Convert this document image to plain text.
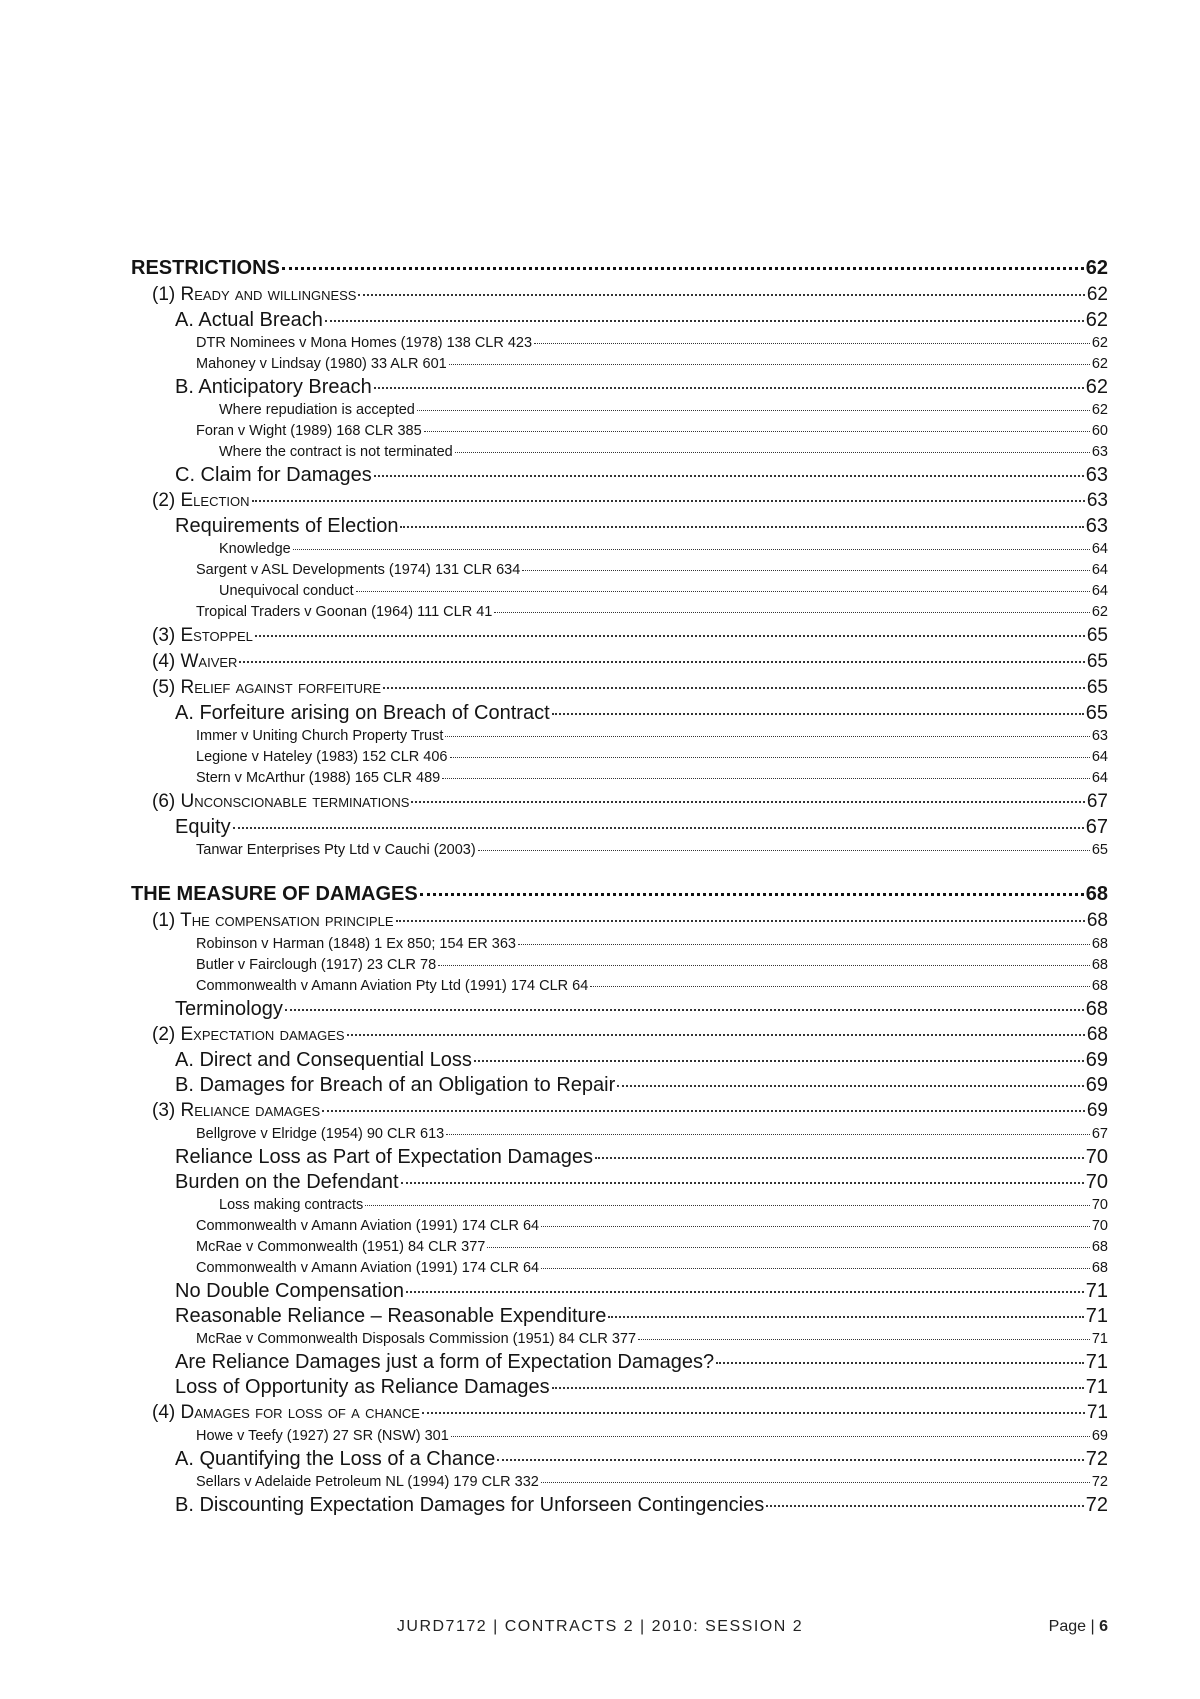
RESTRICTIONS	62
(1) Ready and willingness	62
A. Actual Breach	62
DTR Nominees v Mona Homes (1978) 138 CLR 423	62
Mahoney v Lindsay (1980) 33 ALR 601	62
B. Anticipatory Breach	62
Where repudiation is accepted	62
Foran v Wight (1989) 168 CLR 385	60
Where the contract is not terminated	63
C. Claim for Damages	63
(2) Election	63
Requirements of Election	63
Knowledge	64
Sargent v ASL Developments (1974) 131 CLR 634	64
Unequivocal conduct	64
Tropical Traders v Goonan (1964) 111 CLR 41	62
(3) Estoppel	65
(4) Waiver	65
(5) Relief against forfeiture	65
A. Forfeiture arising on Breach of Contract	65
Immer v Uniting Church Property Trust	63
Legione v Hateley (1983) 152 CLR 406	64
Stern v McArthur (1988) 165 CLR 489	64
(6) Unconscionable terminations	67
Equity	67
Tanwar Enterprises Pty Ltd v Cauchi (2003)	65
THE MEASURE OF DAMAGES	68
(1) The compensation principle	68
Robinson v Harman (1848) 1 Ex 850; 154 ER 363	68
Butler v Fairclough (1917) 23 CLR 78	68
Commonwealth v Amann Aviation Pty Ltd (1991) 174 CLR 64	68
Terminology	68
(2) Expectation damages	68
A. Direct and Consequential Loss	69
B. Damages for Breach of an Obligation to Repair	69
(3) Reliance damages	69
Bellgrove v Elridge (1954) 90 CLR 613	67
Reliance Loss as Part of Expectation Damages	70
Burden on the Defendant	70
Loss making contracts	70
Commonwealth v Amann Aviation (1991) 174 CLR 64	70
McRae v Commonwealth (1951) 84 CLR 377	68
Commonwealth v Amann Aviation (1991) 174 CLR 64	68
No Double Compensation	71
Reasonable Reliance – Reasonable Expenditure	71
McRae v Commonwealth Disposals Commission (1951) 84 CLR 377	71
Are Reliance Damages just a form of Expectation Damages?	71
Loss of Opportunity as Reliance Damages	71
(4) Damages for loss of a chance	71
Howe v Teefy (1927) 27 SR (NSW) 301	69
A. Quantifying the Loss of a Chance	72
Sellars v Adelaide Petroleum NL (1994) 179 CLR 332	72
B. Discounting Expectation Damages for Unforseen Contingencies	72
JURD7172 | CONTRACTS 2 | 2010: SESSION 2	Page | 6
